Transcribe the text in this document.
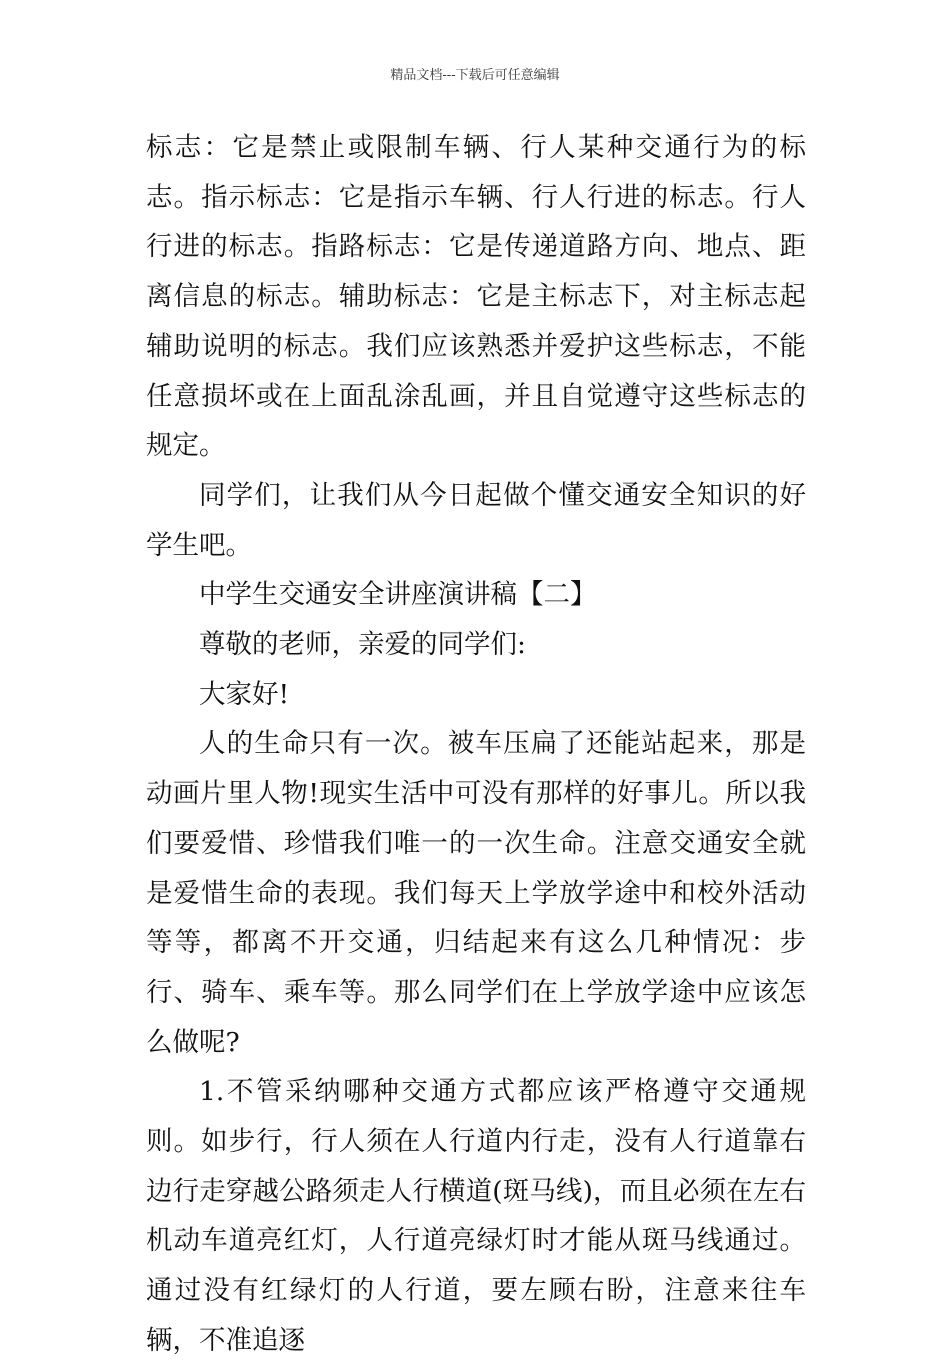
精品文档---下载后可任意编辑

标志：它是禁止或限制车辆、行人某种交通行为的标志。指示标志：它是指示车辆、行人行进的标志。行人行进的标志。指路标志：它是传递道路方向、地点、距离信息的标志。辅助标志：它是主标志下，对主标志起辅助说明的标志。我们应该熟悉并爱护这些标志，不能任意损坏或在上面乱涂乱画，并且自觉遵守这些标志的规定。

同学们，让我们从今日起做个懂交通安全知识的好学生吧。

中学生交通安全讲座演讲稿【二】

尊敬的老师，亲爱的同学们:

大家好!

人的生命只有一次。被车压扁了还能站起来，那是动画片里人物!现实生活中可没有那样的好事儿。所以我们要爱惜、珍惜我们唯一的一次生命。注意交通安全就是爱惜生命的表现。我们每天上学放学途中和校外活动等等，都离不开交通，归结起来有这么几种情况：步行、骑车、乘车等。那么同学们在上学放学途中应该怎么做呢?

1.不管采纳哪种交通方式都应该严格遵守交通规则。如步行，行人须在人行道内行走，没有人行道靠右边行走穿越公路须走人行横道(斑马线)，而且必须在左右机动车道亮红灯，人行道亮绿灯时才能从斑马线通过。通过没有红绿灯的人行道，要左顾右盼，注意来往车辆，不准追逐
